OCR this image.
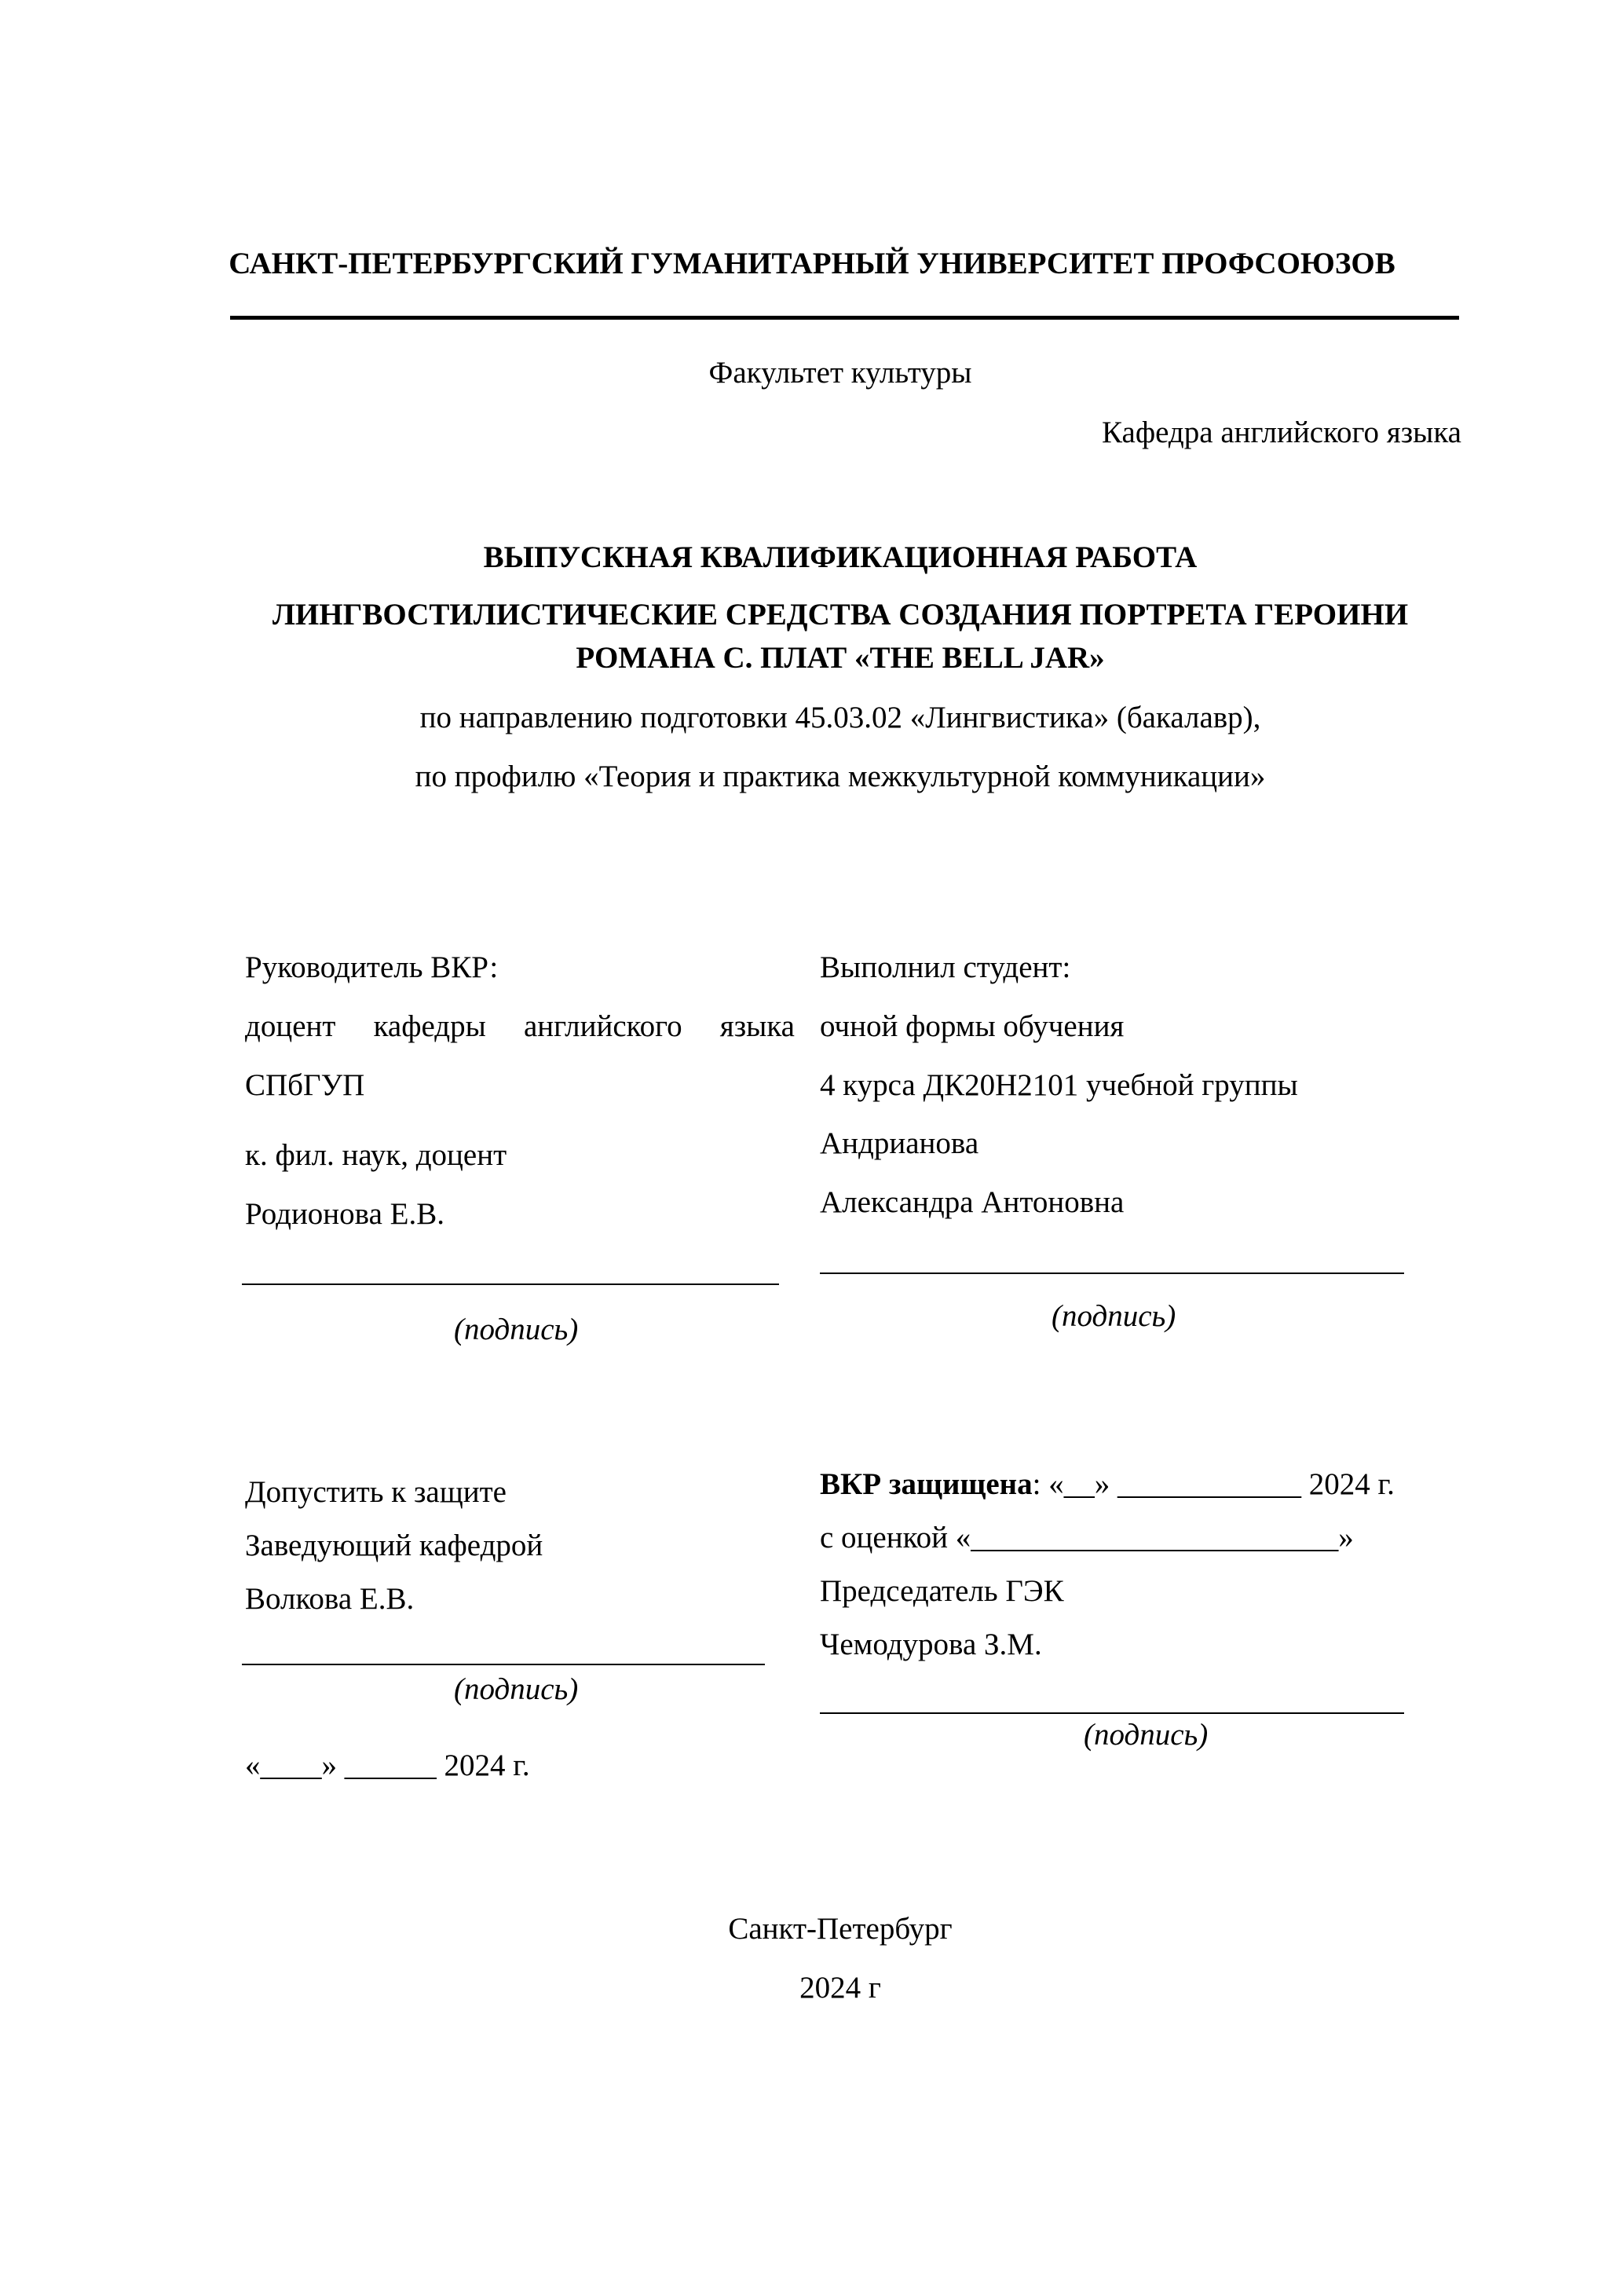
САНКТ-ПЕТЕРБУРГСКИЙ ГУМАНИТАРНЫЙ УНИВЕРСИТЕТ ПРОФСОЮЗОВ
Факультет культуры
Кафедра английского языка
ВЫПУСКНАЯ КВАЛИФИКАЦИОННАЯ РАБОТА
ЛИНГВОСТИЛИСТИЧЕСКИЕ СРЕДСТВА СОЗДАНИЯ ПОРТРЕТА ГЕРОИНИ
РОМАНА С. ПЛАТ «THE BELL JAR»
по направлению подготовки 45.03.02 «Лингвистика» (бакалавр),
по профилю «Теория и практика межкультурной коммуникации»
Руководитель ВКР:
доцент кафедры английского языка
СПбГУП
к. фил. наук, доцент
Родионова Е.В.
(подпись)
Выполнил студент:
очной формы обучения
4 курса ДК20Н2101 учебной группы
Андрианова
Александра Антоновна
(подпись)
Допустить к защите
Заведующий кафедрой
Волкова Е.В.
(подпись)
«____» ______ 2024 г.
ВКР защищена: «__» ____________ 2024 г.
с оценкой «________________________»
Председатель ГЭК
Чемодурова З.М.
(подпись)
Санкт-Петербург
2024 г
